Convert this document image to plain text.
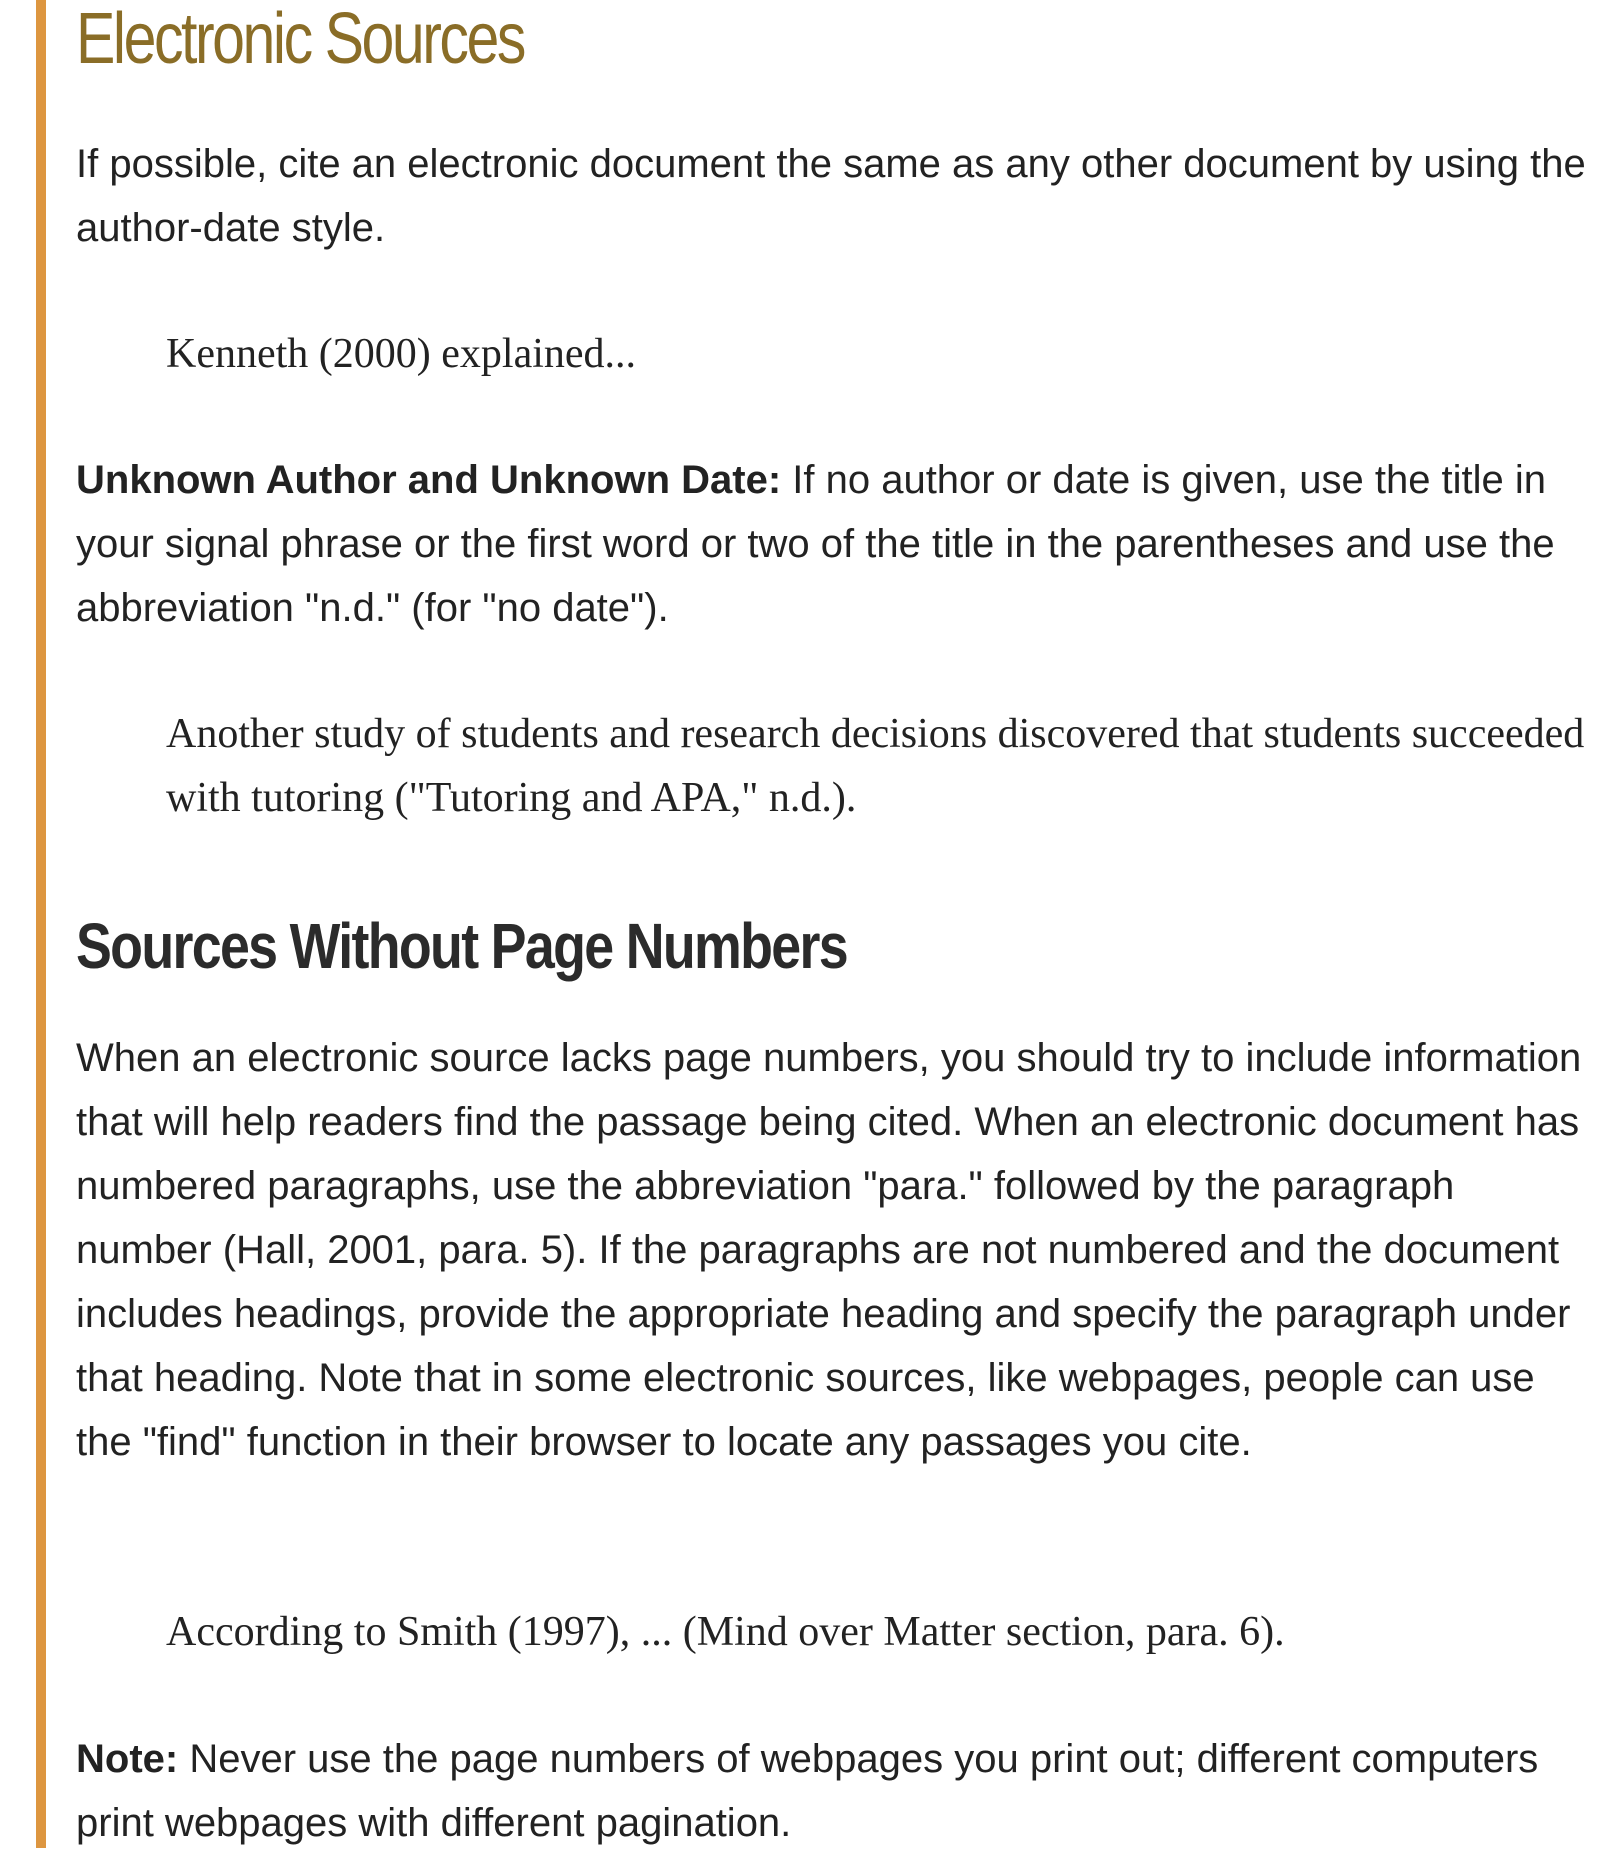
Electronic Sources

If possible, cite an electronic document the same as any other document by using the author-date style.

Kenneth (2000) explained...

Unknown Author and Unknown Date: If no author or date is given, use the title in your signal phrase or the first word or two of the title in the parentheses and use the abbreviation "n.d." (for "no date").

Another study of students and research decisions discovered that students succeeded with tutoring ("Tutoring and APA," n.d.).

Sources Without Page Numbers

When an electronic source lacks page numbers, you should try to include information that will help readers find the passage being cited. When an electronic document has numbered paragraphs, use the abbreviation "para." followed by the paragraph number (Hall, 2001, para. 5). If the paragraphs are not numbered and the document includes headings, provide the appropriate heading and specify the paragraph under that heading. Note that in some electronic sources, like webpages, people can use the "find" function in their browser to locate any passages you cite.

According to Smith (1997), ... (Mind over Matter section, para. 6).

Note: Never use the page numbers of webpages you print out; different computers print webpages with different pagination.
